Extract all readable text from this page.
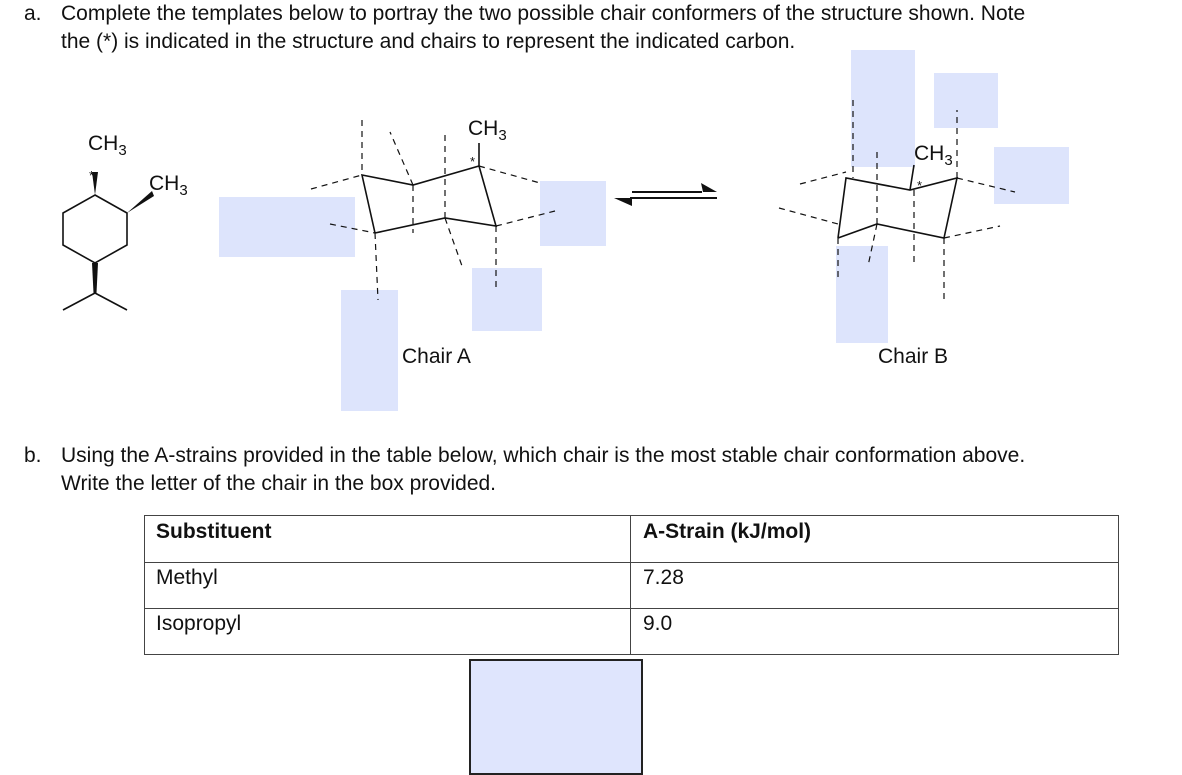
a. Complete the templates below to portray the two possible chair conformers of the structure shown. Note
the (*) is indicated in the structure and chairs to represent the indicated carbon.
$CH_3$
$CH_3$
*
$CH_3$
*	$CH_3$
*
Chair A	Chair B
b. Using the A-strains provided in the table below, which chair is the most stable chair conformation above.
Write the letter of the chair in the box provided.
Substituent	A-Strain (kJ/mol)
Methyl	7.28
Isopropyl	9.0
